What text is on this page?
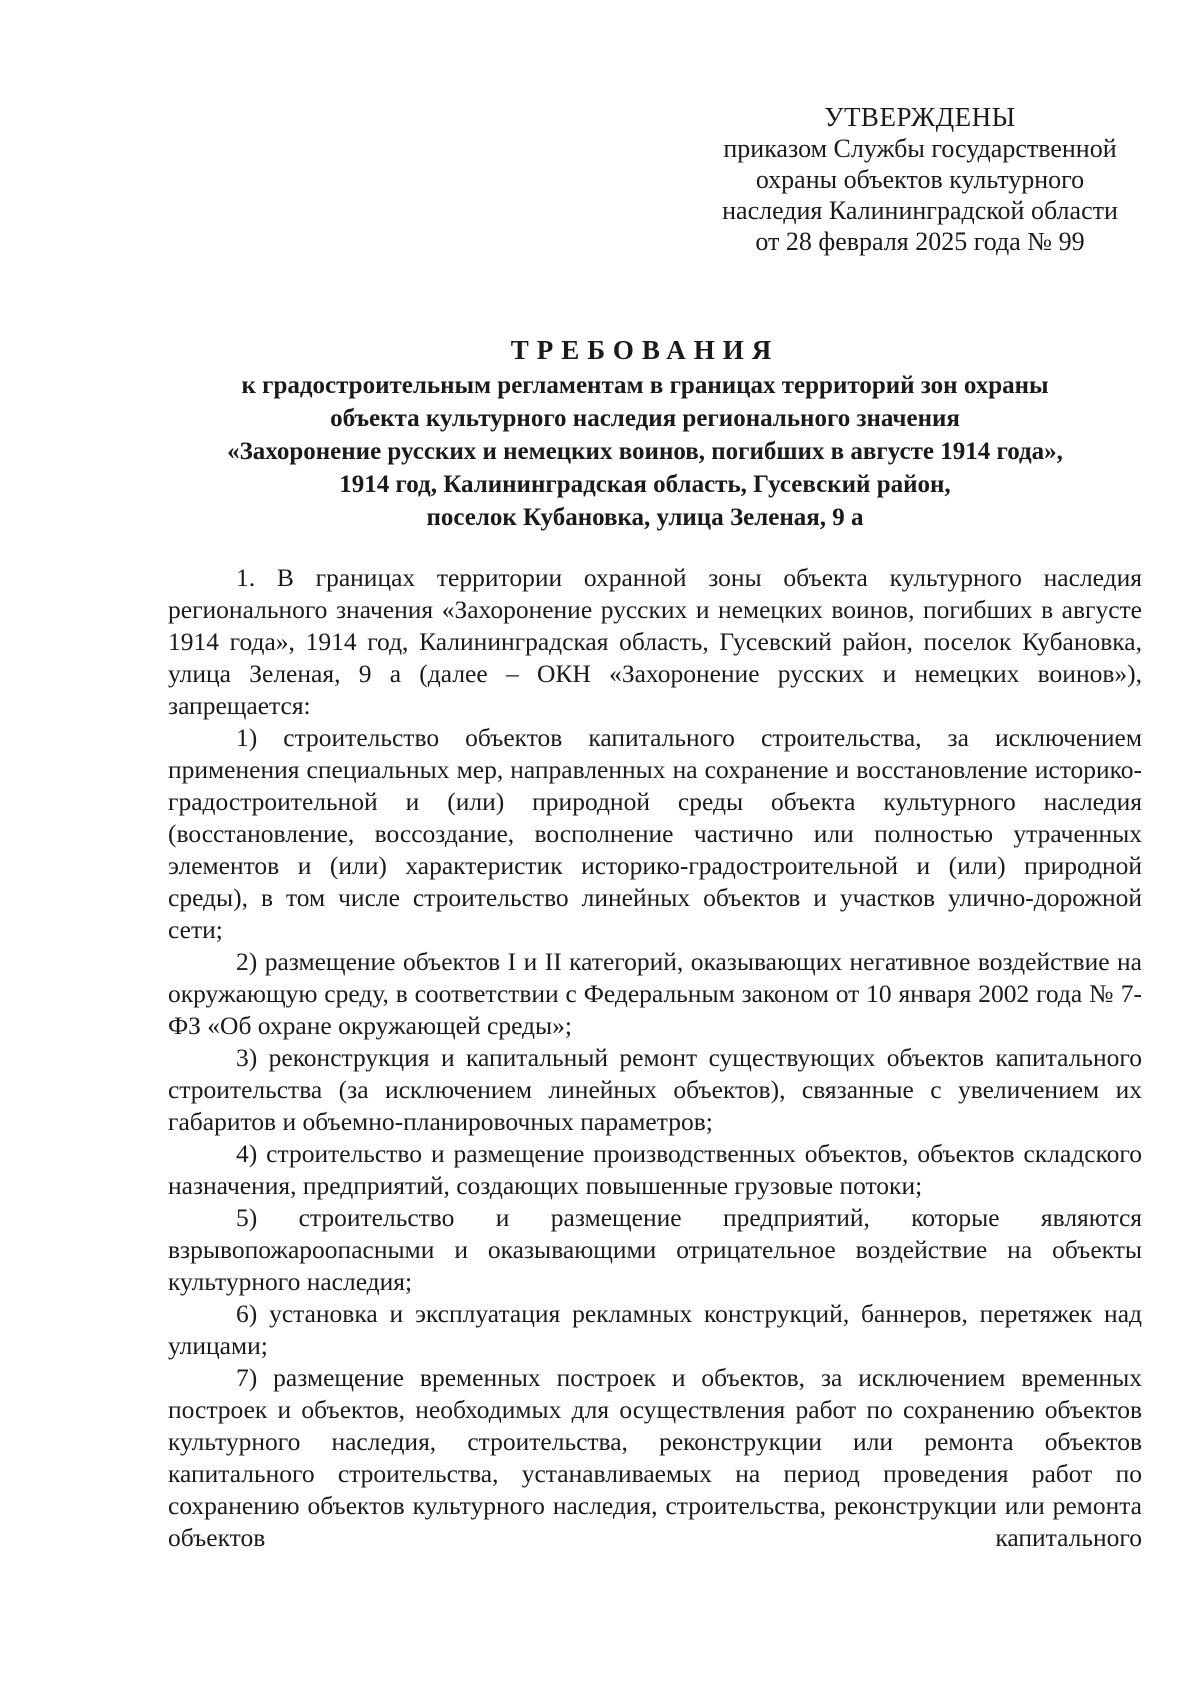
УТВЕРЖДЕНЫ
приказом Службы государственной
охраны объектов культурного
наследия Калининградской области
от 28 февраля 2025 года № 99
ТРЕБОВАНИЯ
к градостроительным регламентам в границах территорий зон охраны
объекта культурного наследия регионального значения
«Захоронение русских и немецких воинов, погибших в августе 1914 года»,
1914 год, Калининградская область, Гусевский район,
поселок Кубановка, улица Зеленая, 9 а

1. В границах территории охранной зоны объекта культурного наследия регионального значения «Захоронение русских и немецких воинов, погибших в августе 1914 года», 1914 год, Калининградская область, Гусевский район, поселок Кубановка, улица Зеленая, 9 а (далее – ОКН «Захоронение русских и немецких воинов»), запрещается:

1) строительство объектов капитального строительства, за исключением применения специальных мер, направленных на сохранение и восстановление историко-градостроительной и (или) природной среды объекта культурного наследия (восстановление, воссоздание, восполнение частично или полностью утраченных элементов и (или) характеристик историко-градостроительной и (или) природной среды), в том числе строительство линейных объектов и участков улично-дорожной сети;

2) размещение объектов I и II категорий, оказывающих негативное воздействие на окружающую среду, в соответствии с Федеральным законом от 10 января 2002 года № 7-ФЗ «Об охране окружающей среды»;

3) реконструкция и капитальный ремонт существующих объектов капитального строительства (за исключением линейных объектов), связанные с увеличением их габаритов и объемно-планировочных параметров;

4) строительство и размещение производственных объектов, объектов складского назначения, предприятий, создающих повышенные грузовые потоки;

5) строительство и размещение предприятий, которые являются взрывопожароопасными и оказывающими отрицательное воздействие на объекты культурного наследия;

6) установка и эксплуатация рекламных конструкций, баннеров, перетяжек над улицами;

7) размещение временных построек и объектов, за исключением временных построек и объектов, необходимых для осуществления работ по сохранению объектов культурного наследия, строительства, реконструкции или ремонта объектов капитального строительства, устанавливаемых на период проведения работ по сохранению объектов культурного наследия, строительства, реконструкции или ремонта объектов капитального
